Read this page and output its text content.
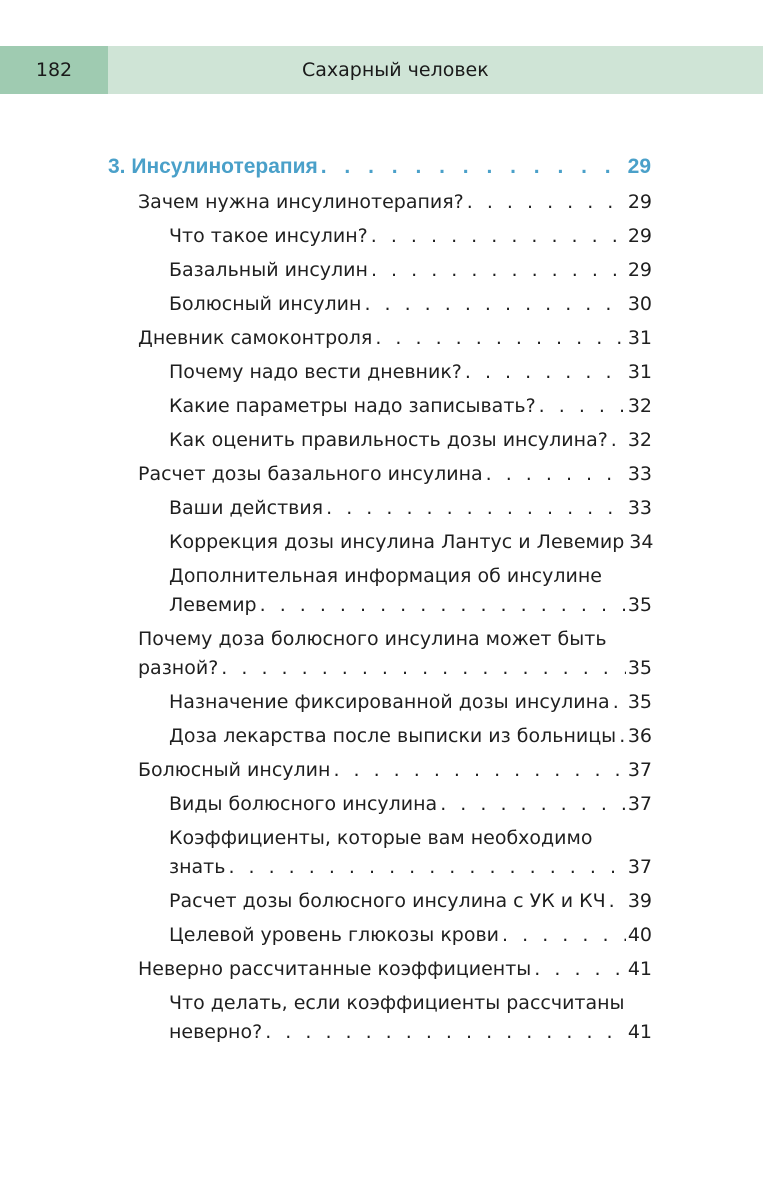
182	Сахарный человек
3. Инсулинотерапия . . .	29
Зачем нужна инсулинотерапия? . . .	29
Что такое инсулин? . . .	29
Базальный инсулин . . .	29
Болюсный инсулин . . .	30
Дневник самоконтроля . . .	31
Почему надо вести дневник? . . .	31
Какие параметры надо записывать? . . .	32
Как оценить правильность дозы инсулина? . . . 32
Расчет дозы базального инсулина . . .	33
Ваши действия . . .	33
Коррекция дозы инсулина Лантус и Левемир . . . 34
Дополнительная информация об инсулине
Левемир . . .	35
Почему доза болюсного инсулина может быть
разной? . . .	35
Назначение фиксированной дозы инсулина . . . 35
Доза лекарства после выписки из больницы . . . 36
Болюсный инсулин . . .	37
Виды болюсного инсулина . . .	37
Коэффициенты, которые вам необходимо
знать . . .	37
Расчет дозы болюсного инсулина с УК и КЧ . . . 39
Целевой уровень глюкозы крови . . .	40
Неверно рассчитанные коэффициенты . . .	41
Что делать, если коэффициенты рассчитаны
неверно? . . .	41
